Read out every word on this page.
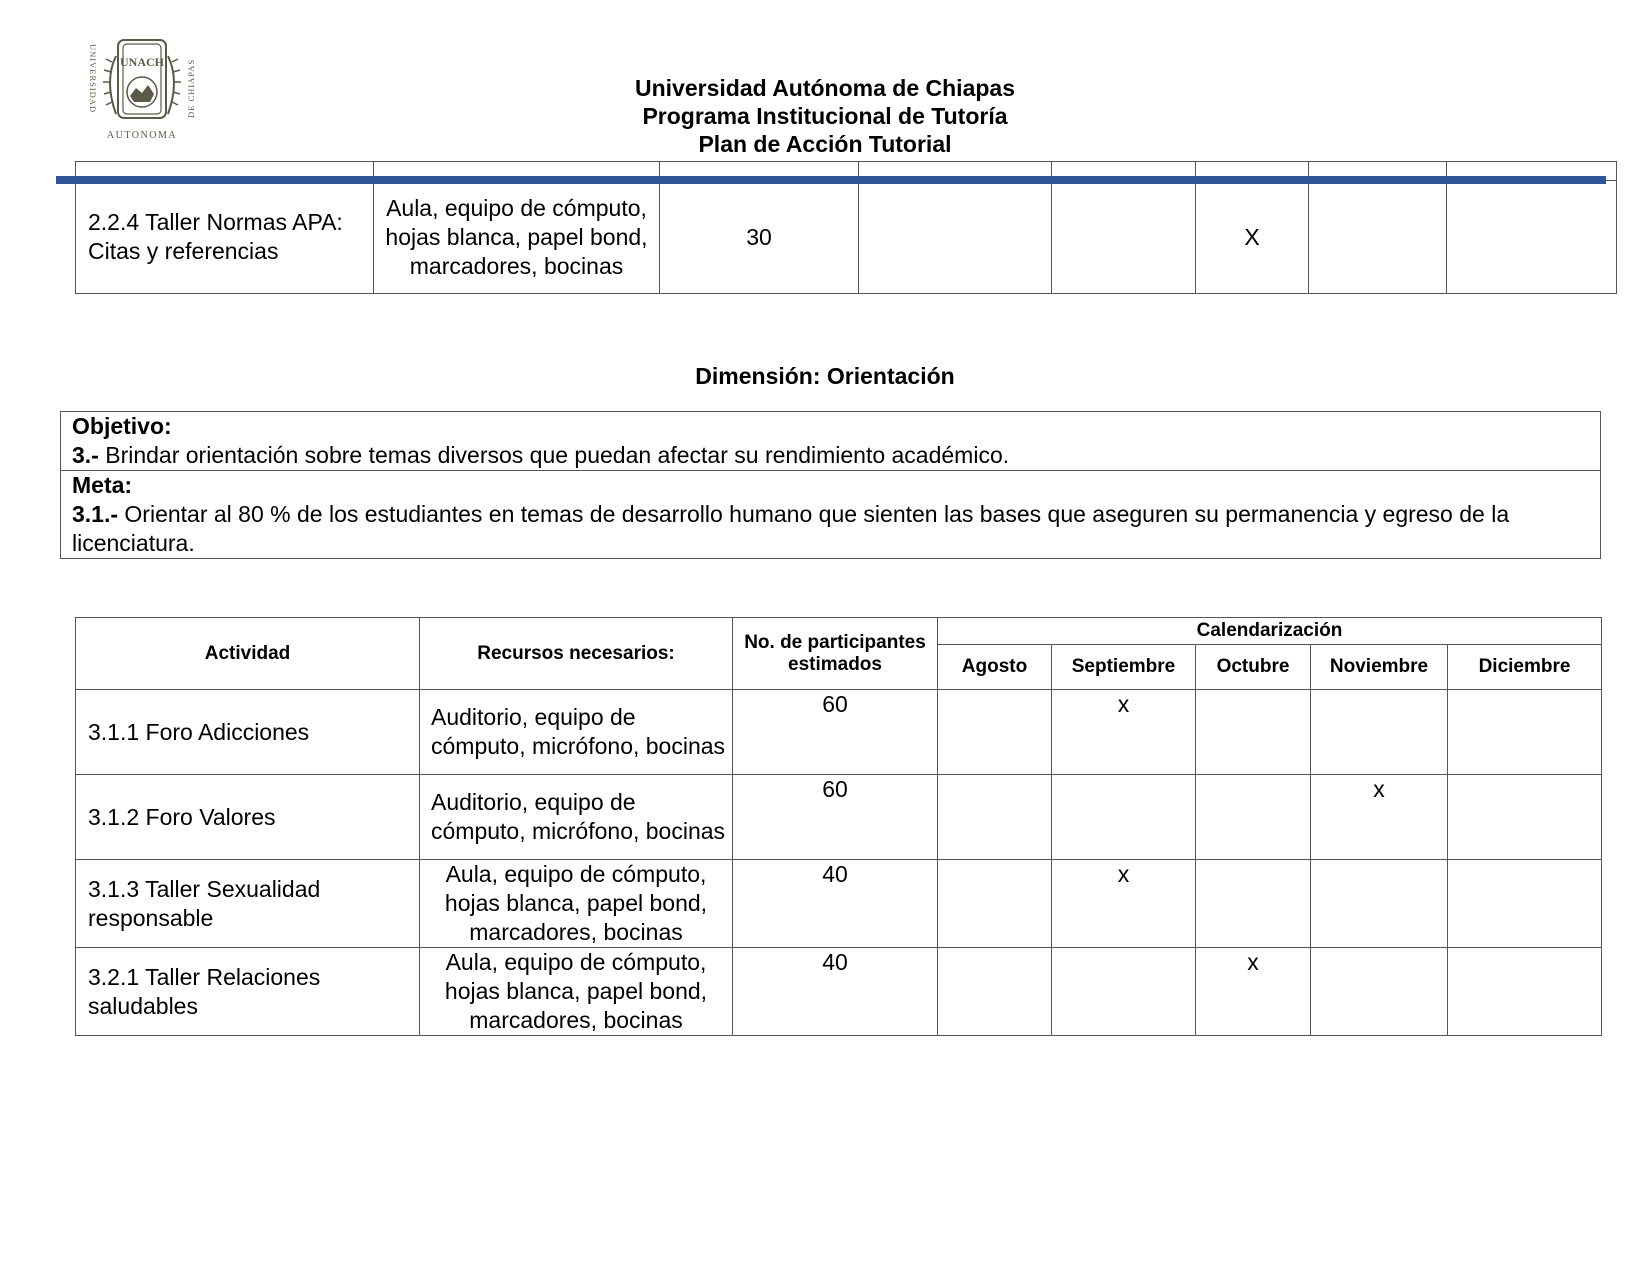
UNACH
UNIVERSIDAD	DE CHIAPAS
AUTONOMA
Universidad Autónoma de Chiapas
Programa Institucional de Tutoría
Plan de Acción Tutorial

2.2.4 Taller Normas APA: Citas y referencias	Aula, equipo de cómputo, hojas blanca, papel bond, marcadores, bocinas	30			X		
Dimensión: Orientación
Objetivo:
3.- Brindar orientación sobre temas diversos que puedan afectar su rendimiento académico.
Meta:
3.1.- Orientar al 80 % de los estudiantes en temas de desarrollo humano que sienten las bases que aseguren su permanencia y egreso de la licenciatura.
Actividad	Recursos necesarios:	No. de participantes estimados	Calendarización				
			Agosto	Septiembre	Octubre	Noviembre	Diciembre
3.1.1 Foro Adicciones	Auditorio, equipo de cómputo, micrófono, bocinas	60		x			
3.1.2 Foro Valores	Auditorio, equipo de cómputo, micrófono, bocinas	60				x	
3.1.3 Taller Sexualidad responsable	Aula, equipo de cómputo, hojas blanca, papel bond, marcadores, bocinas	40		x			
3.2.1 Taller Relaciones saludables	Aula, equipo de cómputo, hojas blanca, papel bond, marcadores, bocinas	40			x		
